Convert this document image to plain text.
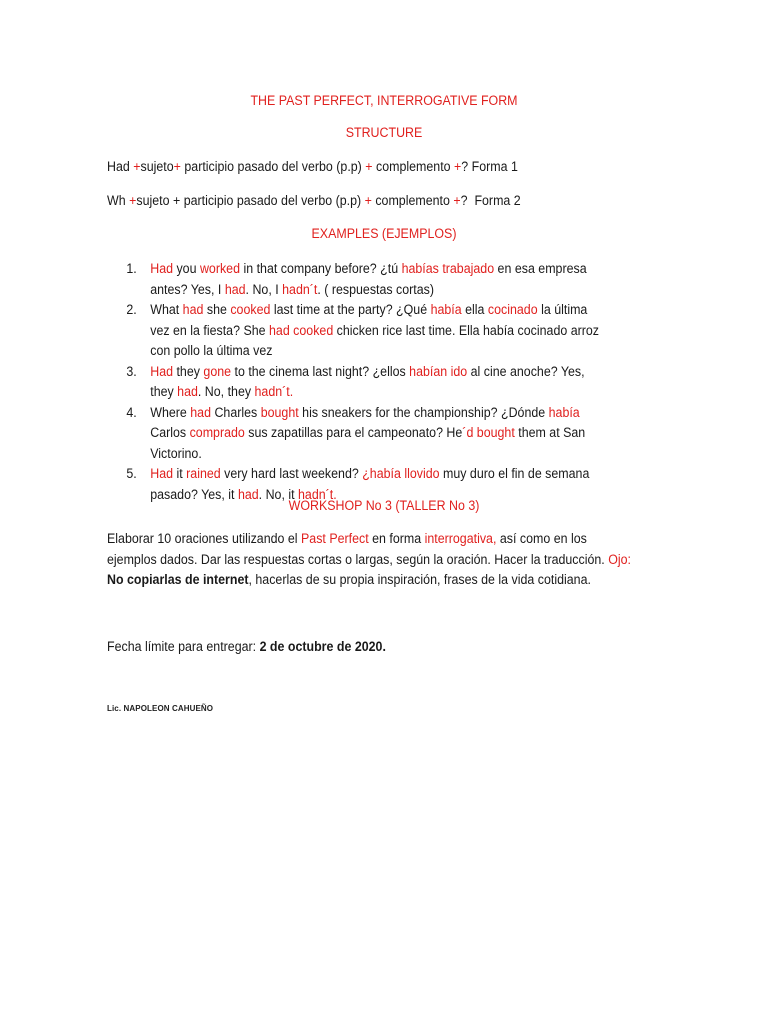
THE PAST PERFECT, INTERROGATIVE FORM
STRUCTURE
Had +sujeto+ participio pasado del verbo (p.p) + complemento +? Forma 1
Wh +sujeto + participio pasado del verbo (p.p) + complemento +? Forma 2
EXAMPLES (EJEMPLOS)
1. Had you worked in that company before? ¿tú habías trabajado en esa empresa antes? Yes, I had. No, I hadn´t. ( respuestas cortas)
2. What had she cooked last time at the party? ¿Qué había ella cocinado la última vez en la fiesta? She had cooked chicken rice last time. Ella había cocinado arroz con pollo la última vez
3. Had they gone to the cinema last night? ¿ellos habían ido al cine anoche? Yes, they had. No, they hadn´t.
4. Where had Charles bought his sneakers for the championship? ¿Dónde había Carlos comprado sus zapatillas para el campeonato? He´d bought them at San Victorino.
5. Had it rained very hard last weekend? ¿había llovido muy duro el fin de semana pasado? Yes, it had. No, it hadn´t.
WORKSHOP No 3 (TALLER No 3)
Elaborar 10 oraciones utilizando el Past Perfect en forma interrogativa, así como en los ejemplos dados. Dar las respuestas cortas o largas, según la oración. Hacer la traducción. Ojo: No copiarlas de internet, hacerlas de su propia inspiración, frases de la vida cotidiana.
Fecha límite para entregar: 2 de octubre de 2020.
Lic. NAPOLEON CAHUEÑO
